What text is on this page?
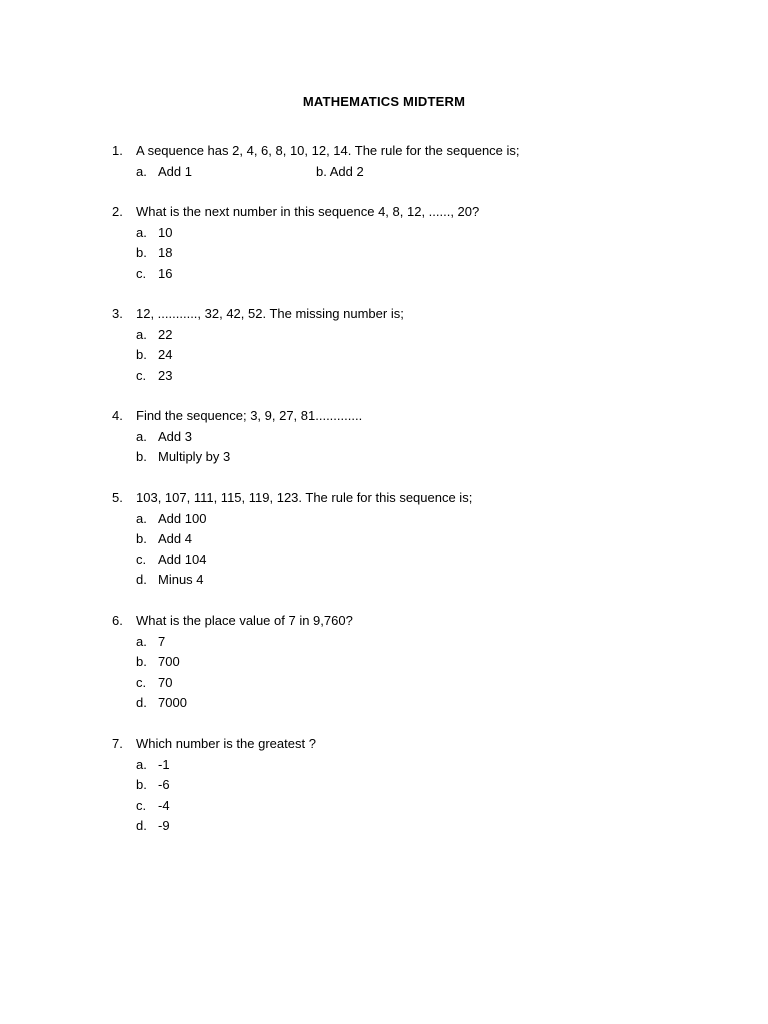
MATHEMATICS MIDTERM
1. A sequence has 2, 4, 6, 8, 10, 12, 14. The rule for the sequence is;
a. Add 1	b. Add 2
2. What is the next number in this sequence 4, 8, 12, ......, 20?
a. 10
b. 18
c. 16
3. 12, ..........., 32, 42, 52. The missing number is;
a. 22
b. 24
c. 23
4. Find the sequence; 3, 9, 27, 81.............
a. Add 3
b. Multiply by 3
5. 103, 107, 111, 115, 119, 123. The rule for this sequence is;
a. Add 100
b. Add 4
c. Add 104
d. Minus 4
6. What is the place value of 7 in 9,760?
a. 7
b. 700
c. 70
d. 7000
7. Which number is the greatest ?
a. -1
b. -6
c. -4
d. -9
